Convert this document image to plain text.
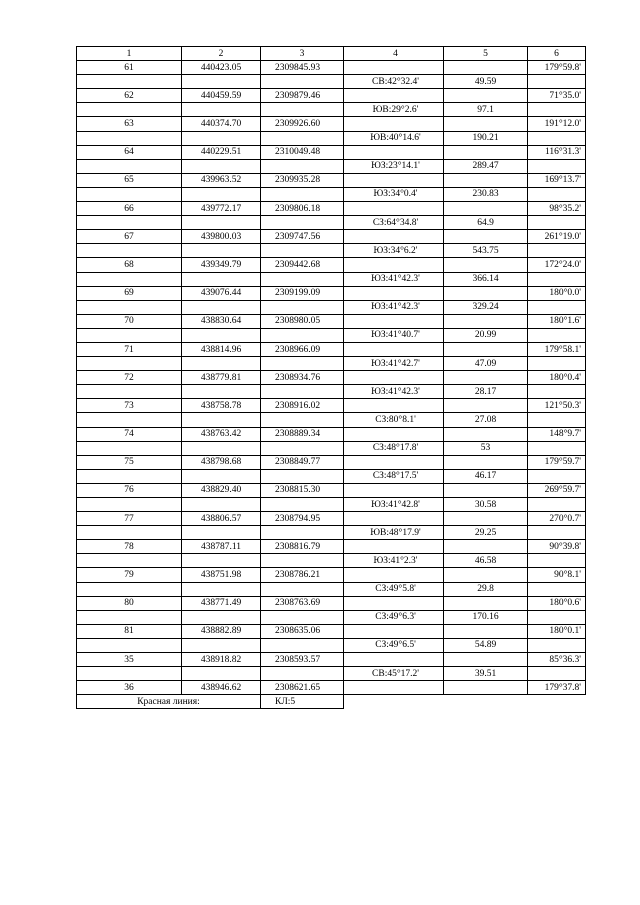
1	2	3	4	5	6
61	440423.05	2309845.93			179°59.8'
			СВ:42°32.4'	49.59	
62	440459.59	2309879.46			71°35.0'
			ЮВ:29°2.6'	97.1	
63	440374.70	2309926.60			191°12.0'
			ЮВ:40°14.6'	190.21	
64	440229.51	2310049.48			116°31.3'
			ЮЗ:23°14.1'	289.47	
65	439963.52	2309935.28			169°13.7'
			ЮЗ:34°0.4'	230.83	
66	439772.17	2309806.18			98°35.2'
			СЗ:64°34.8'	64.9	
67	439800.03	2309747.56			261°19.0'
			ЮЗ:34°6.2'	543.75	
68	439349.79	2309442.68			172°24.0'
			ЮЗ:41°42.3'	366.14	
69	439076.44	2309199.09			180°0.0'
			ЮЗ:41°42.3'	329.24	
70	438830.64	2308980.05			180°1.6'
			ЮЗ:41°40.7'	20.99	
71	438814.96	2308966.09			179°58.1'
			ЮЗ:41°42.7'	47.09	
72	438779.81	2308934.76			180°0.4'
			ЮЗ:41°42.3'	28.17	
73	438758.78	2308916.02			121°50.3'
			СЗ:80°8.1'	27.08	
74	438763.42	2308889.34			148°9.7'
			СЗ:48°17.8'	53	
75	438798.68	2308849.77			179°59.7'
			СЗ:48°17.5'	46.17	
76	438829.40	2308815.30			269°59.7'
			ЮЗ:41°42.8'	30.58	
77	438806.57	2308794.95			270°0.7'
			ЮВ:48°17.9'	29.25	
78	438787.11	2308816.79			90°39.8'
			ЮЗ:41°2.3'	46.58	
79	438751.98	2308786.21			90°8.1'
			СЗ:49°5.8'	29.8	
80	438771.49	2308763.69			180°0.6'
			СЗ:49°6.3'	170.16	
81	438882.89	2308635.06			180°0.1'
			СЗ:49°6.5'	54.89	
35	438918.82	2308593.57			85°36.3'
			СВ:45°17.2'	39.51	
36	438946.62	2308621.65			179°37.8'
Красная линия:		КЛ:5			
